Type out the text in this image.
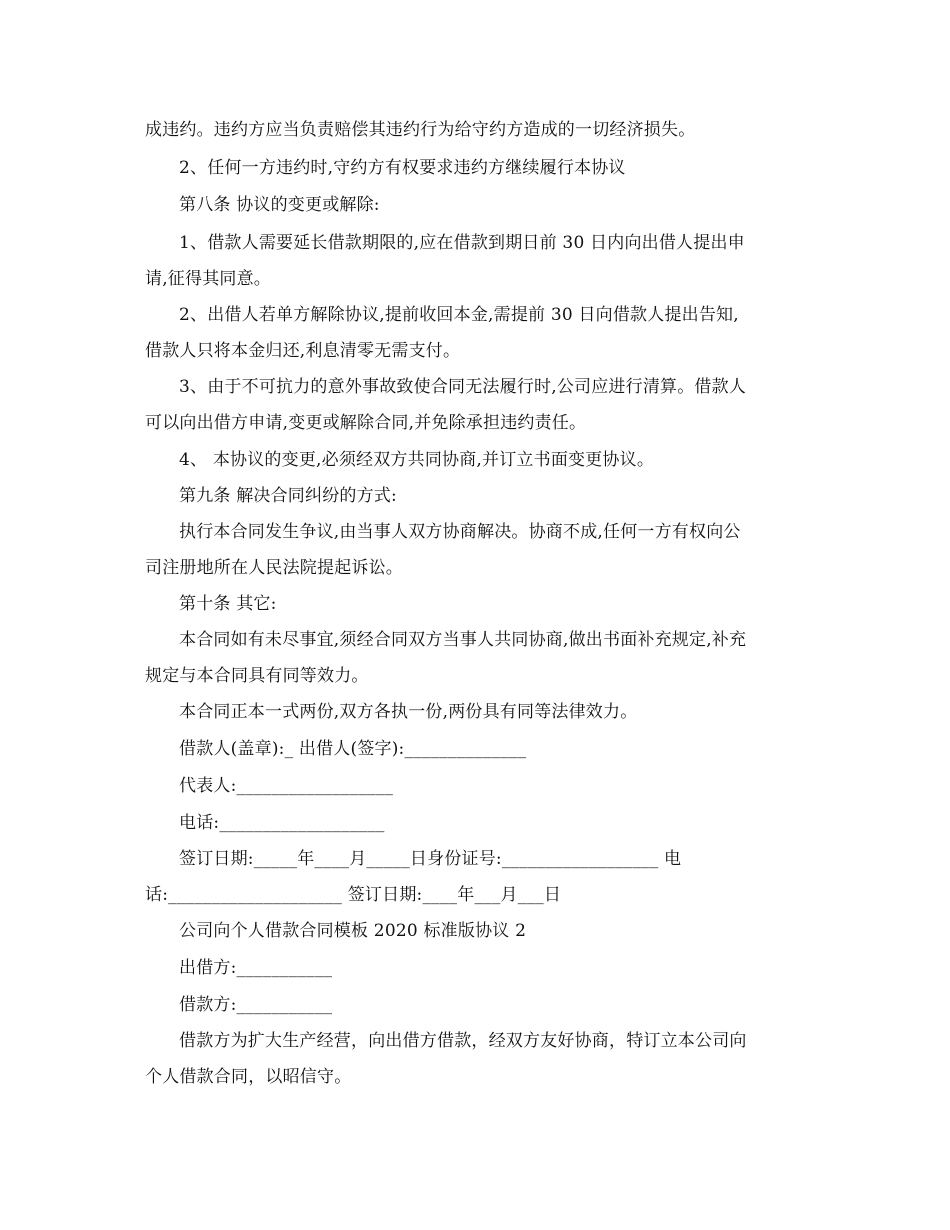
成违约。违约方应当负责赔偿其违约行为给守约方造成的一切经济损失。
2、任何一方违约时,守约方有权要求违约方继续履行本协议
第八条 协议的变更或解除:
1、借款人需要延长借款期限的,应在借款到期日前 30 日内向出借人提出申
请,征得其同意。
2、出借人若单方解除协议,提前收回本金,需提前 30 日向借款人提出告知,
借款人只将本金归还,利息清零无需支付。
3、由于不可抗力的意外事故致使合同无法履行时,公司应进行清算。借款人
可以向出借方申请,变更或解除合同,并免除承担违约责任。
4、 本协议的变更,必须经双方共同协商,并订立书面变更协议。
第九条 解决合同纠纷的方式:
执行本合同发生争议,由当事人双方协商解决。协商不成,任何一方有权向公
司注册地所在人民法院提起诉讼。
第十条 其它:
本合同如有未尽事宜,须经合同双方当事人共同协商,做出书面补充规定,补充
规定与本合同具有同等效力。
本合同正本一式两份,双方各执一份,两份具有同等法律效力。
借款人(盖章):_ 出借人(签字):______________
代表人:__________________
电话:___________________
签订日期:_____年____月_____日身份证号:__________________ 电
话:____________________ 签订日期:____年___月___日
公司向个人借款合同模板 2020 标准版协议 2
出借方:___________
借款方:___________
借款方为扩大生产经营，向出借方借款，经双方友好协商，特订立本公司向
个人借款合同，以昭信守。
